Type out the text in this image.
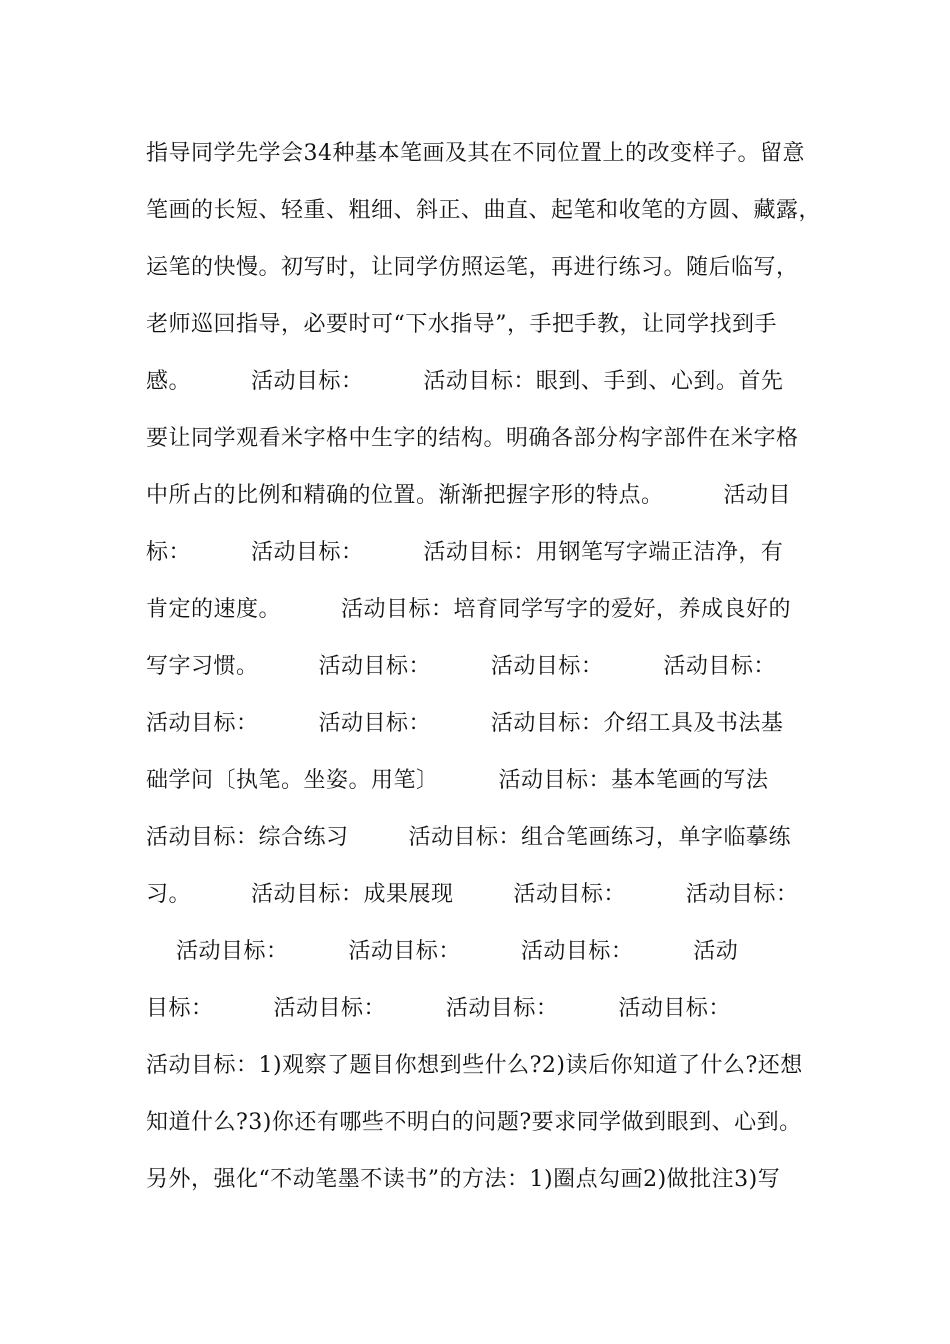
指导同学先学会34种基本笔画及其在不同位置上的改变样子。留意
笔画的长短、轻重、粗细、斜正、曲直、起笔和收笔的方圆、藏露，
运笔的快慢。初写时，让同学仿照运笔，再进行练习。随后临写，
老师巡回指导，必要时可“下水指导”，手把手教，让同学找到手
感。        活动目标：        活动目标：眼到、手到、心到。首先
要让同学观看米字格中生字的结构。明确各部分构字部件在米字格
中所占的比例和精确的位置。渐渐把握字形的特点。        活动目
标：        活动目标：        活动目标：用钢笔写字端正洁净，有
肯定的速度。        活动目标：培育同学写字的爱好，养成良好的
写字习惯。        活动目标：        活动目标：        活动目标：
活动目标：        活动目标：        活动目标：介绍工具及书法基
础学问〔执笔。坐姿。用笔〕        活动目标：基本笔画的写法
活动目标：综合练习        活动目标：组合笔画练习，单字临摹练
习。        活动目标：成果展现        活动目标：        活动目标：
活动目标：        活动目标：        活动目标：        活动
目标：        活动目标：        活动目标：        活动目标：
活动目标：1)观察了题目你想到些什么?2)读后你知道了什么?还想
知道什么?3)你还有哪些不明白的问题?要求同学做到眼到、心到。
另外，强化“不动笔墨不读书”的方法：1)圈点勾画2)做批注3)写
